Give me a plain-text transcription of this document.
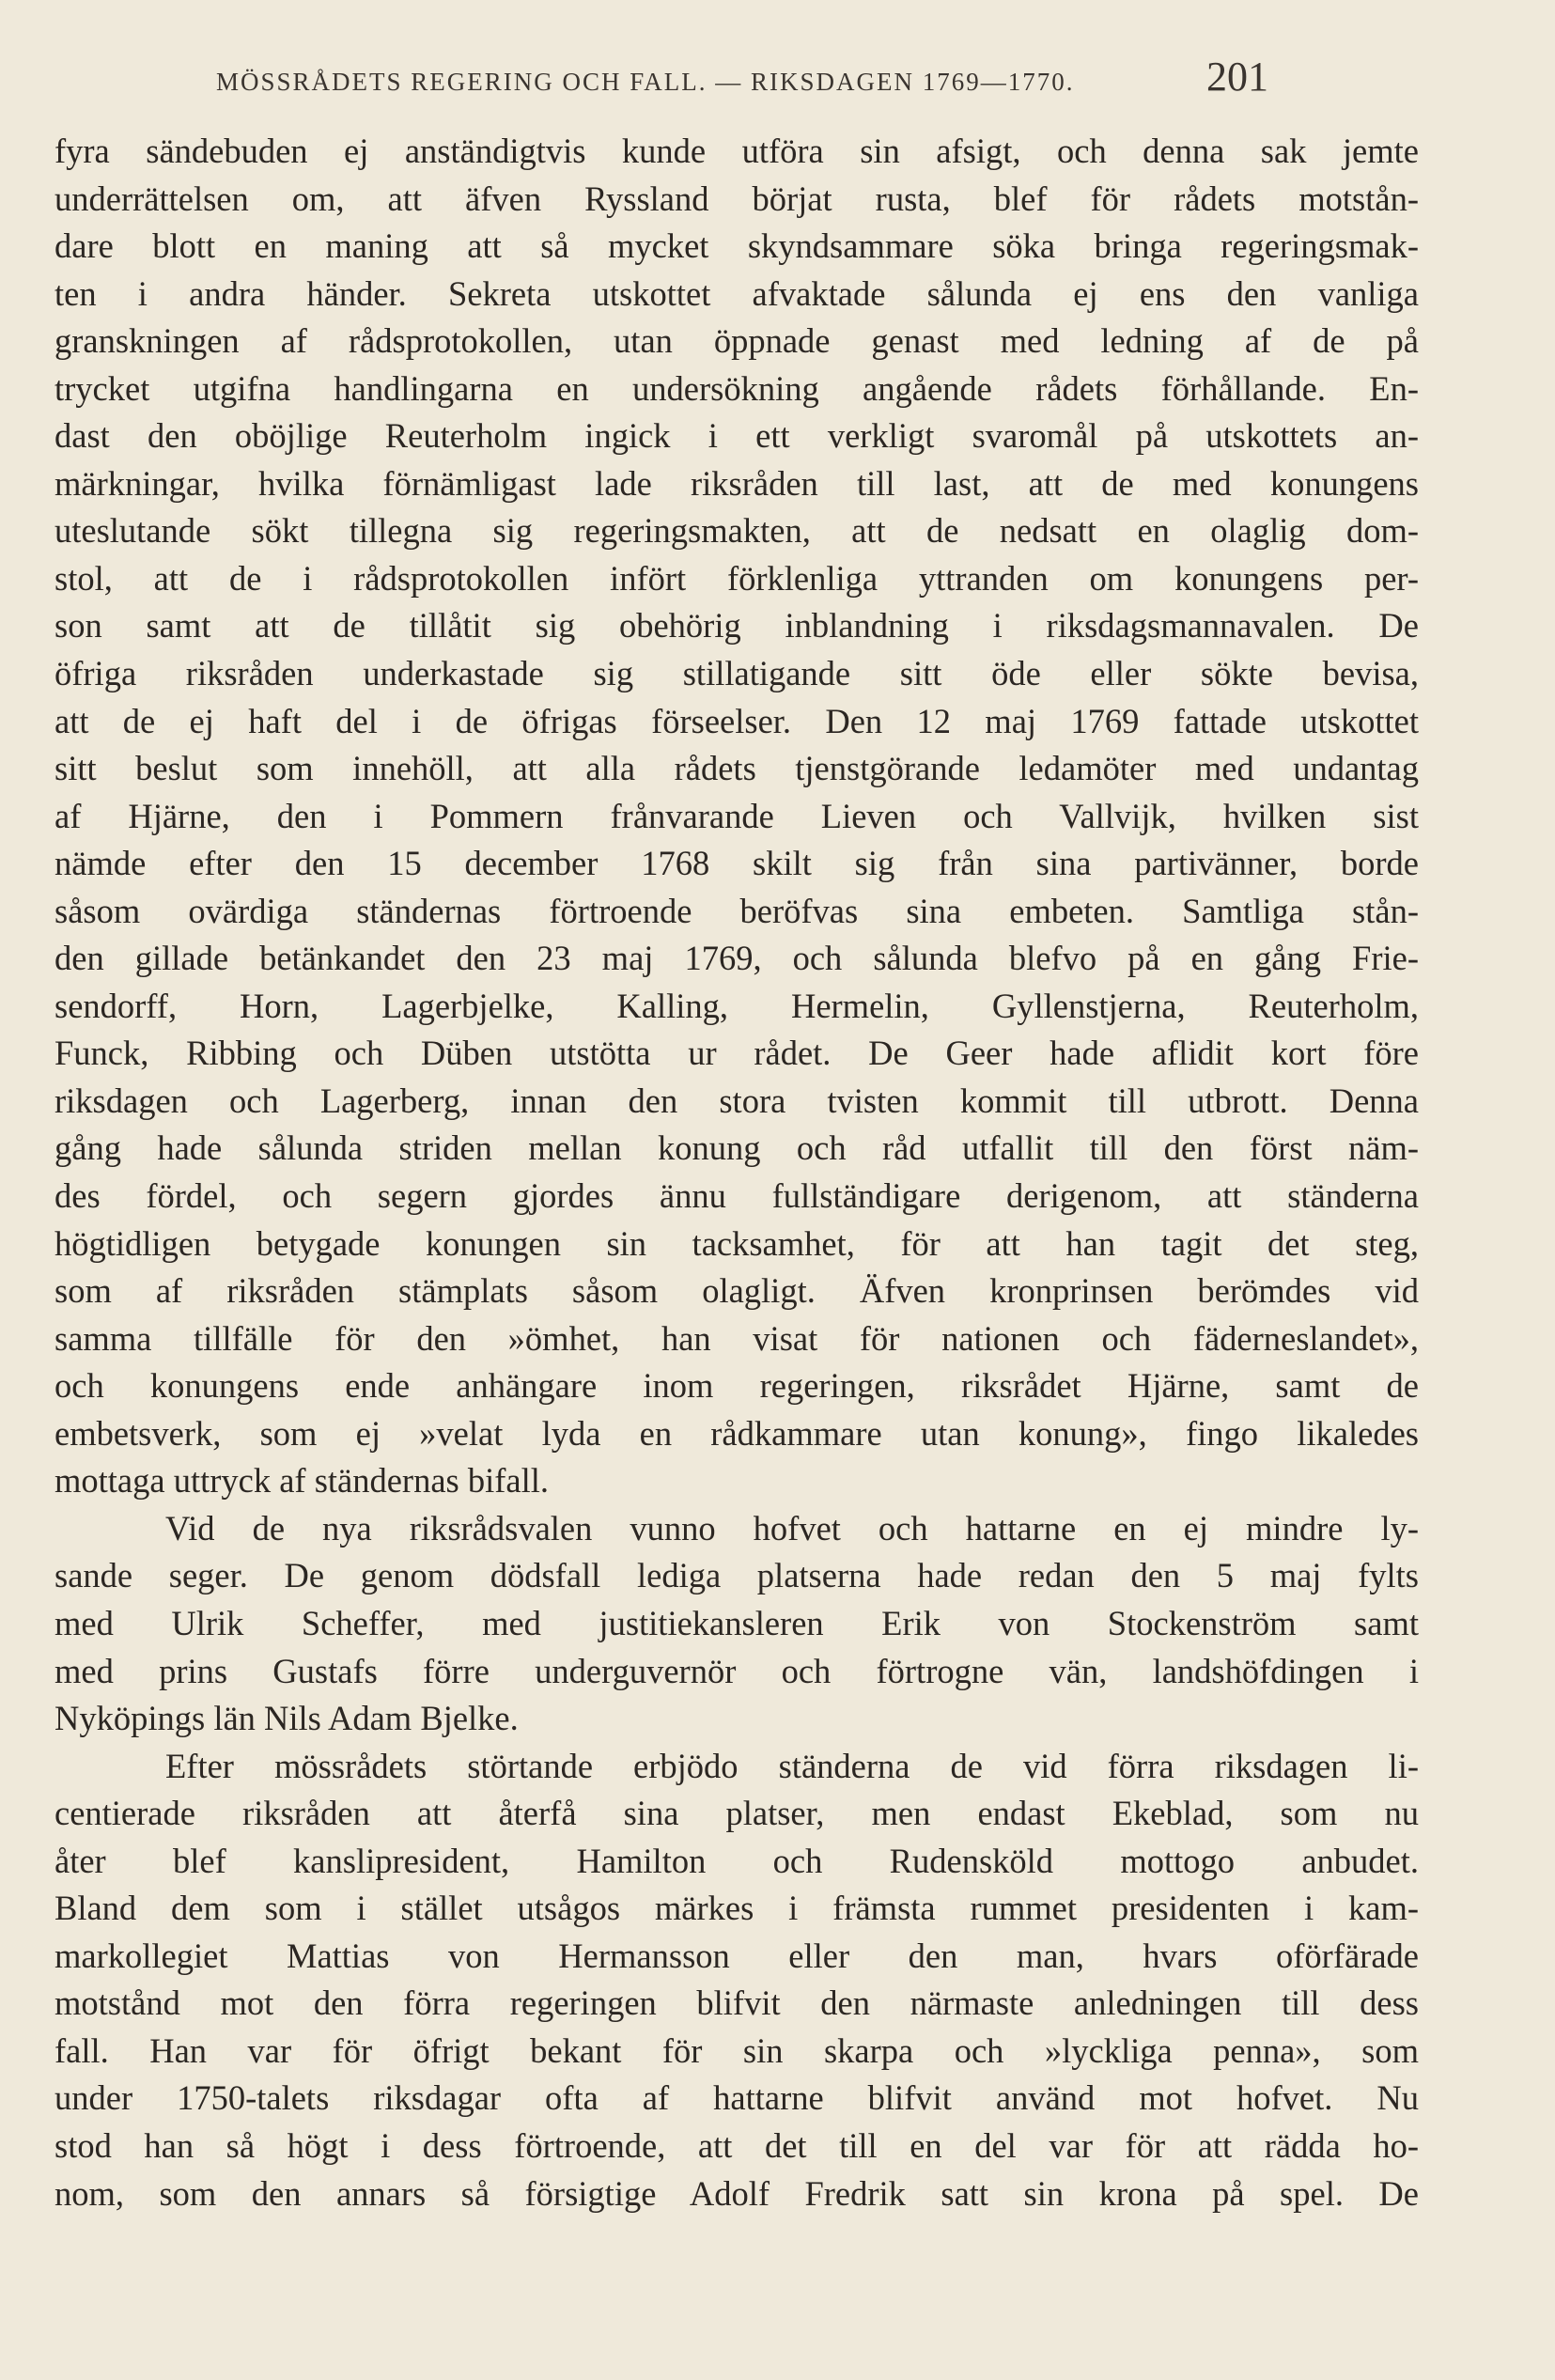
MÖSSRÅDETS REGERING OCH FALL. — RIKSDAGEN 1769—1770.	201
fyra sändebuden ej anständigtvis kunde utföra sin afsigt, och denna sak jemte
underrättelsen om, att äfven Ryssland börjat rusta, blef för rådets motstån-
dare blott en maning att så mycket skyndsammare söka bringa regeringsmak-
ten i andra händer. Sekreta utskottet afvaktade sålunda ej ens den vanliga
granskningen af rådsprotokollen, utan öppnade genast med ledning af de på
trycket utgifna handlingarna en undersökning angående rådets förhållande. En-
dast den oböjlige Reuterholm ingick i ett verkligt svaromål på utskottets an-
märkningar, hvilka förnämligast lade riksråden till last, att de med konungens
uteslutande sökt tillegna sig regeringsmakten, att de nedsatt en olaglig dom-
stol, att de i rådsprotokollen infört förklenliga yttranden om konungens per-
son samt att de tillåtit sig obehörig inblandning i riksdagsmannavalen. De
öfriga riksråden underkastade sig stillatigande sitt öde eller sökte bevisa,
att de ej haft del i de öfrigas förseelser. Den 12 maj 1769 fattade utskottet
sitt beslut som innehöll, att alla rådets tjenstgörande ledamöter med undantag
af Hjärne, den i Pommern frånvarande Lieven och Vallvijk, hvilken sist
nämde efter den 15 december 1768 skilt sig från sina partivänner, borde
såsom ovärdiga ständernas förtroende beröfvas sina embeten. Samtliga stån-
den gillade betänkandet den 23 maj 1769, och sålunda blefvo på en gång Frie-
sendorff, Horn, Lagerbjelke, Kalling, Hermelin, Gyllenstjerna, Reuterholm,
Funck, Ribbing och Düben utstötta ur rådet. De Geer hade aflidit kort före
riksdagen och Lagerberg, innan den stora tvisten kommit till utbrott. Denna
gång hade sålunda striden mellan konung och råd utfallit till den först näm-
des fördel, och segern gjordes ännu fullständigare derigenom, att ständerna
högtidligen betygade konungen sin tacksamhet, för att han tagit det steg,
som af riksråden stämplats såsom olagligt. Äfven kronprinsen berömdes vid
samma tillfälle för den »ömhet, han visat för nationen och fäderneslandet»,
och konungens ende anhängare inom regeringen, riksrådet Hjärne, samt de
embetsverk, som ej »velat lyda en rådkammare utan konung», fingo likaledes
mottaga uttryck af ständernas bifall.
Vid de nya riksrådsvalen vunno hofvet och hattarne en ej mindre ly-
sande seger. De genom dödsfall lediga platserna hade redan den 5 maj fylts
med Ulrik Scheffer, med justitiekansleren Erik von Stockenström samt
med prins Gustafs förre underguvernör och förtrogne vän, landshöfdingen i
Nyköpings län Nils Adam Bjelke.
Efter mössrådets störtande erbjödo ständerna de vid förra riksdagen li-
centierade riksråden att återfå sina platser, men endast Ekeblad, som nu
åter blef kanslipresident, Hamilton och Rudensköld mottogo anbudet.
Bland dem som i stället utsågos märkes i främsta rummet presidenten i kam-
markollegiet Mattias von Hermansson eller den man, hvars oförfärade
motstånd mot den förra regeringen blifvit den närmaste anledningen till dess
fall. Han var för öfrigt bekant för sin skarpa och »lyckliga penna», som
under 1750-talets riksdagar ofta af hattarne blifvit använd mot hofvet. Nu
stod han så högt i dess förtroende, att det till en del var för att rädda ho-
nom, som den annars så försigtige Adolf Fredrik satt sin krona på spel. De
